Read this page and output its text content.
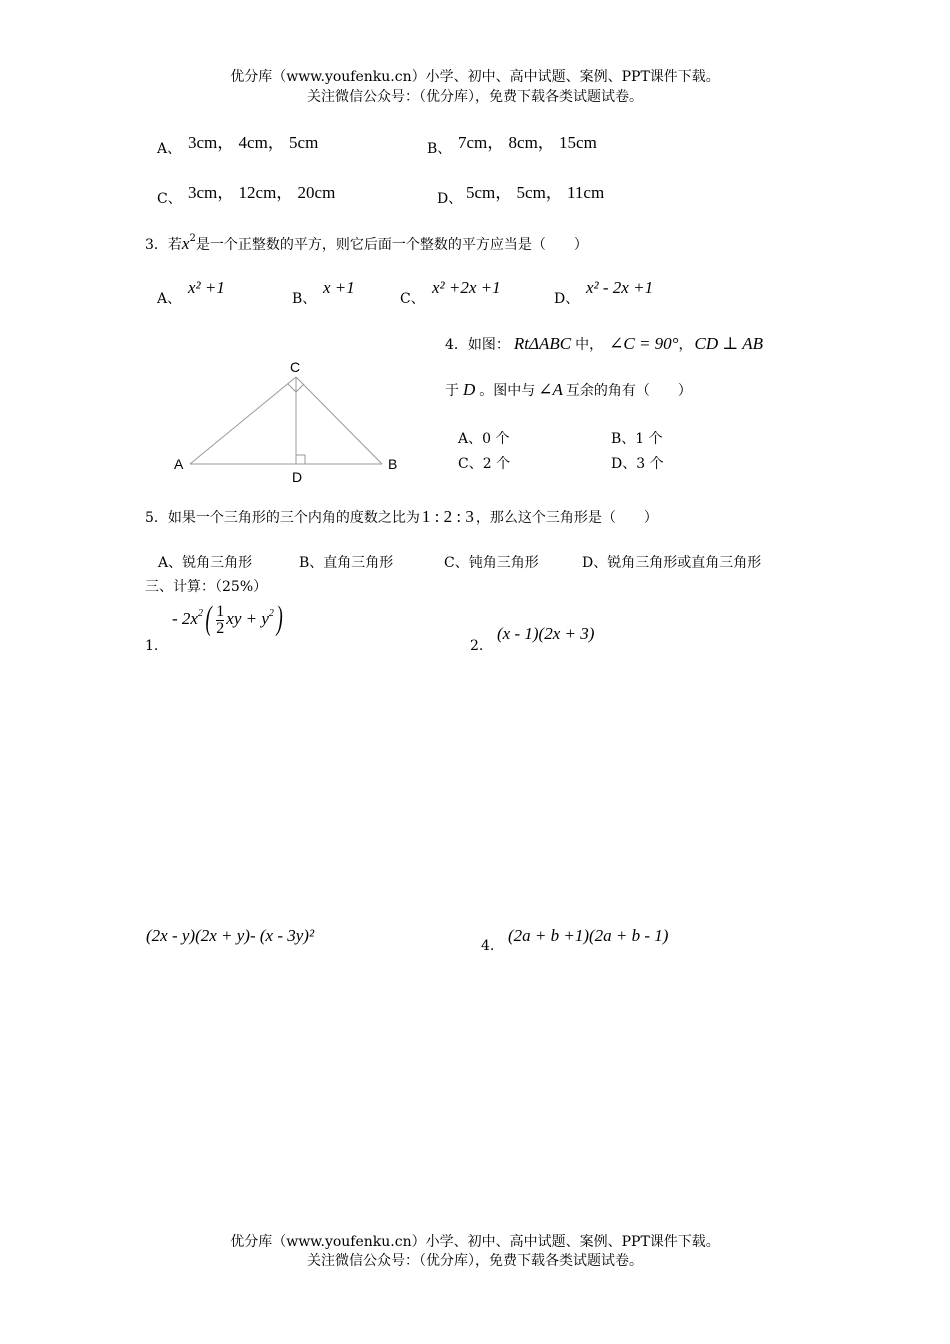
优分库（www.youfenku.cn）小学、初中、高中试题、案例、PPT课件下载。
关注微信公众号：（优分库），免费下载各类试题试卷。
A、 3cm， 4cm， 5cm	B、 7cm， 8cm， 15cm
C、 3cm， 12cm， 20cm	D、 5cm， 5cm， 11cm
3．若$x^2$是一个正整数的平方，则它后面一个整数的平方应当是（　　）
A、
x² +1
B、
x +1
C、
x² +2x +1
D、
x² - 2x +1
C
A	B
D
4．如图： RtΔABC 中， ∠C = 90°， CD ⊥ AB
于 D 。图中与 ∠A 互余的角有（　　）
A、0 个	B、1 个
C、2 个	D、3 个
5．如果一个三角形的三个内角的度数之比为 1 : 2 : 3 ，那么这个三角形是（　　）
A、锐角三角形	B、直角三角形	C、钝角三角形	D、锐角三角形或直角三角形
三、计算：（25%）
1.
- $2x^2( \frac{1}{2}$ xy + $y^2$)
2.
(x - 1)(2x + 3)
(2x - y)(2x + y)- (x - 3y)²
4.
(2a + b +1)(2a + b - 1)
优分库（www.youfenku.cn）小学、初中、高中试题、案例、PPT课件下载。
关注微信公众号：（优分库），免费下载各类试题试卷。
